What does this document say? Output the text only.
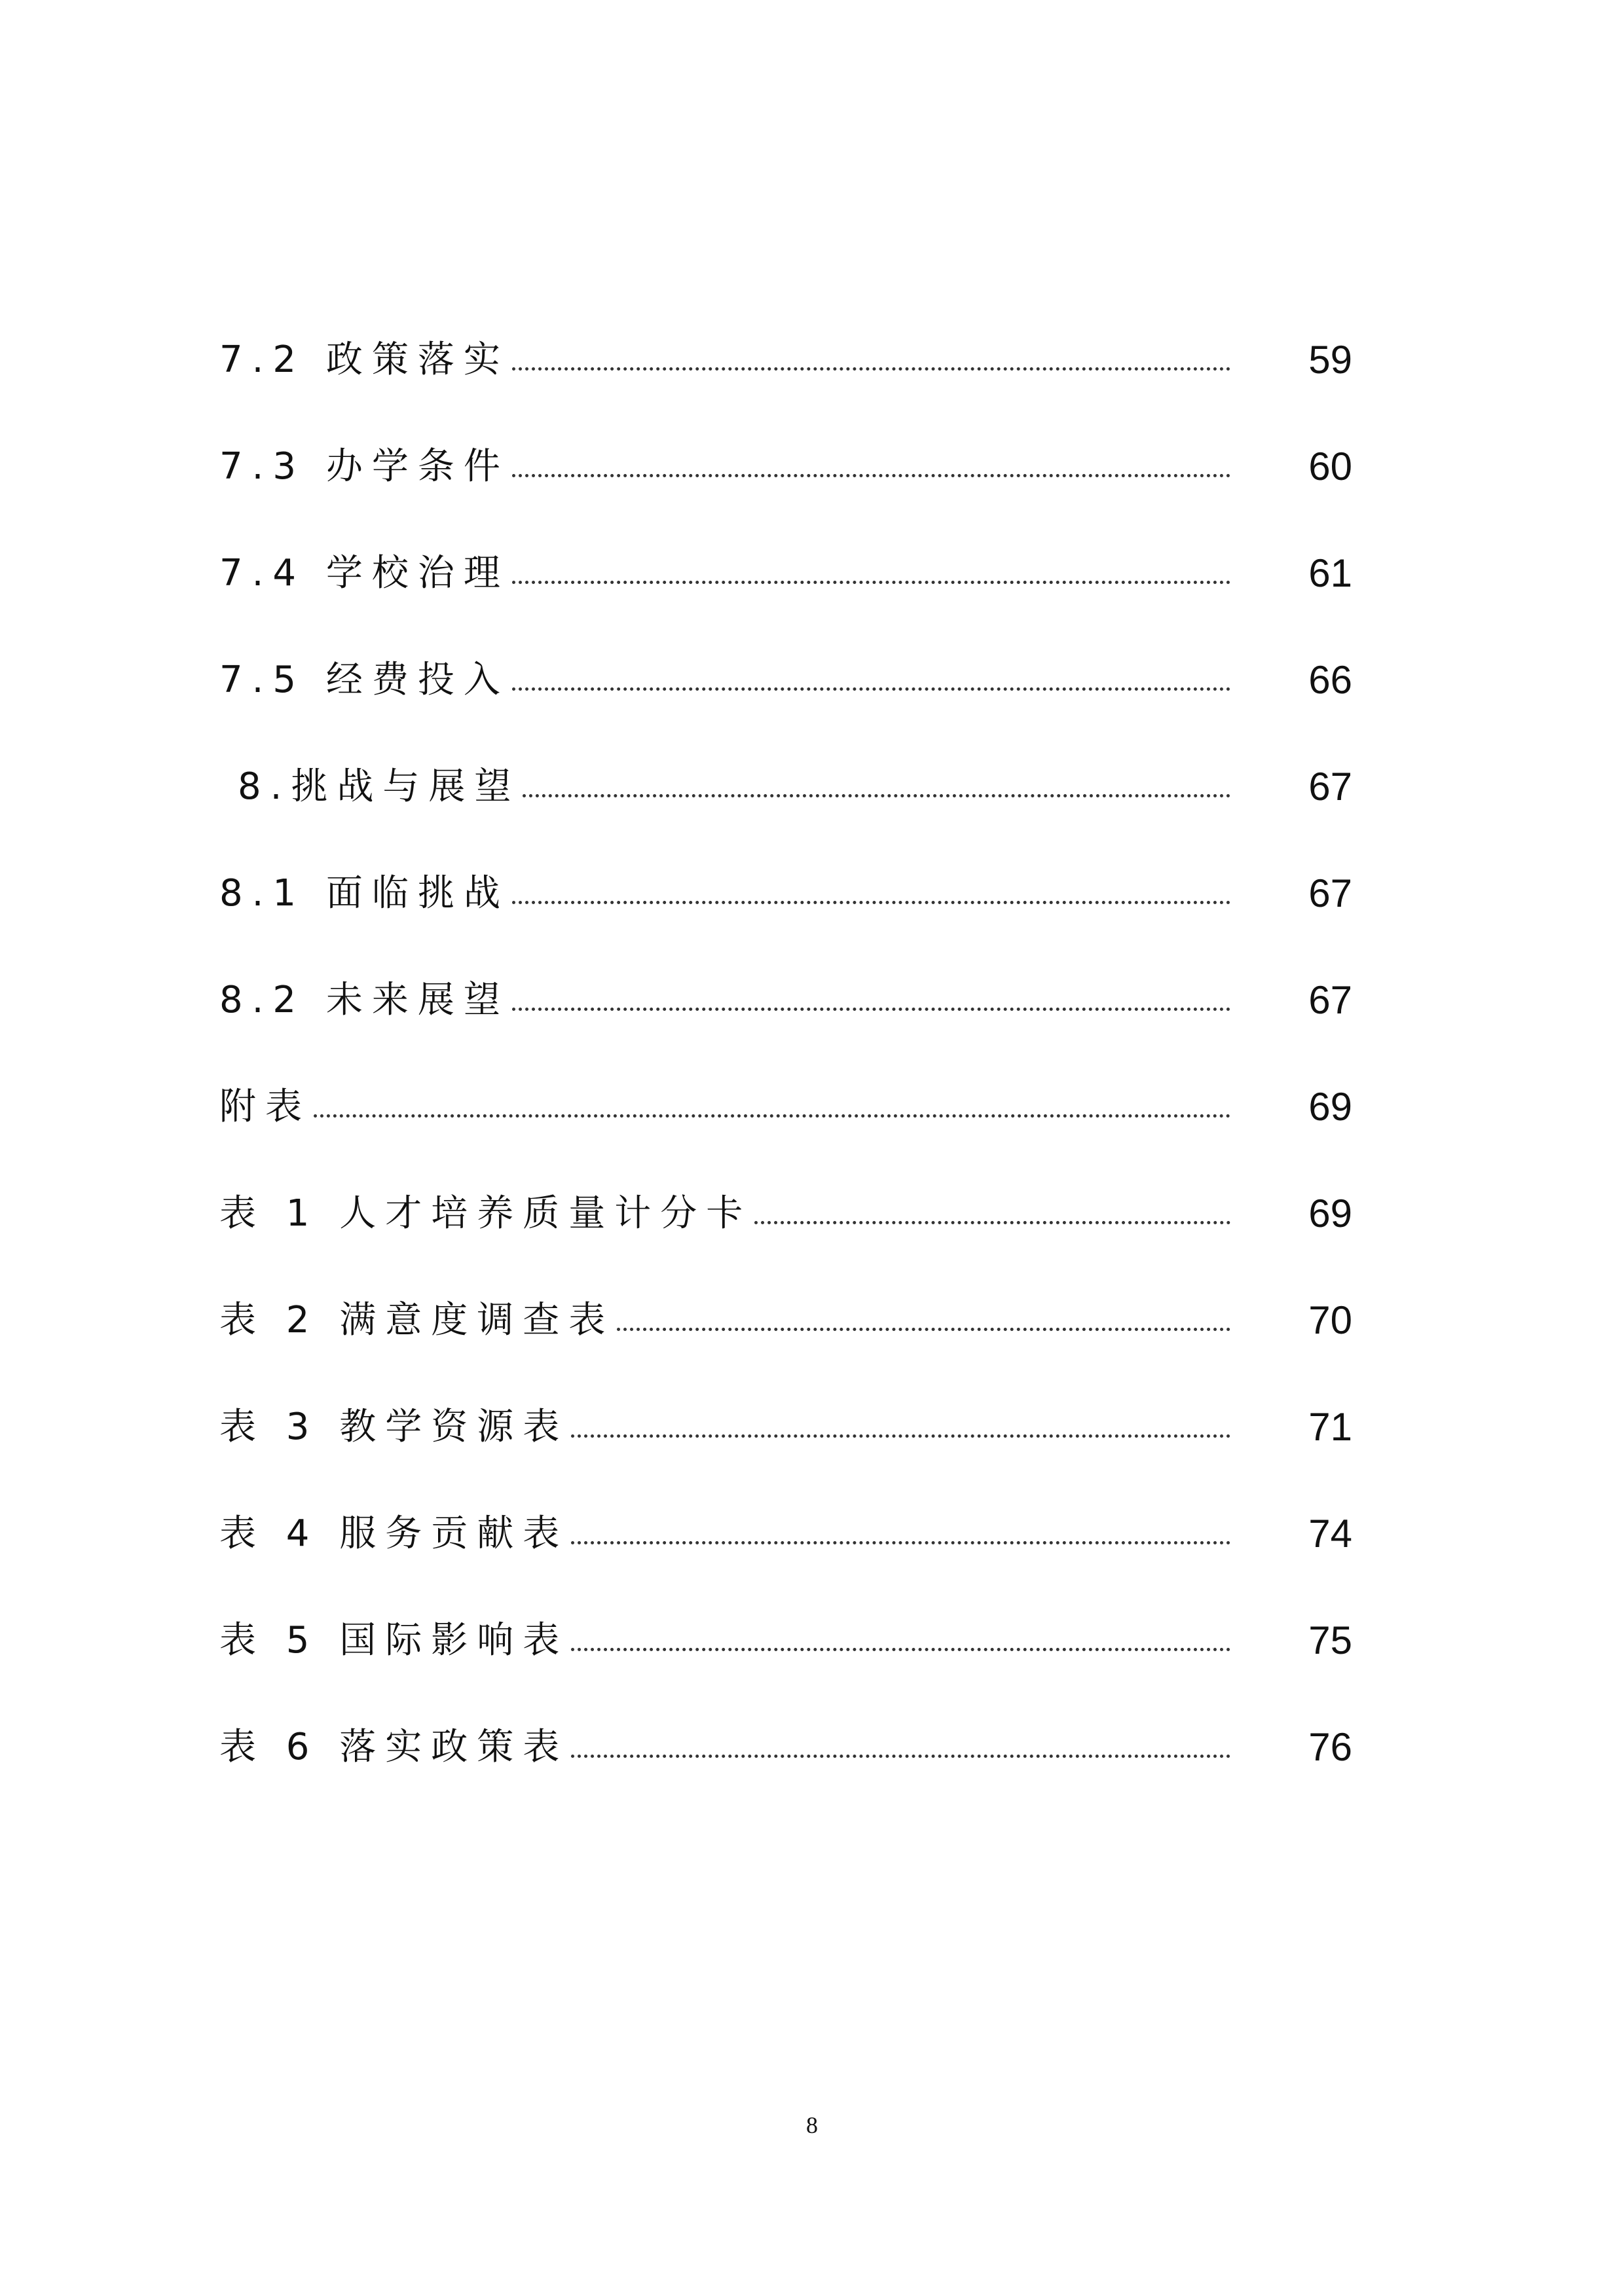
7.2 政策落实	59
7.3 办学条件	60
7.4 学校治理	61
7.5 经费投入	66
8.挑战与展望	67
8.1 面临挑战	67
8.2 未来展望	67
附表	69
表 1 人才培养质量计分卡	69
表 2 满意度调查表	70
表 3 教学资源表	71
表 4 服务贡献表	74
表 5 国际影响表	75
表 6 落实政策表	76
8
